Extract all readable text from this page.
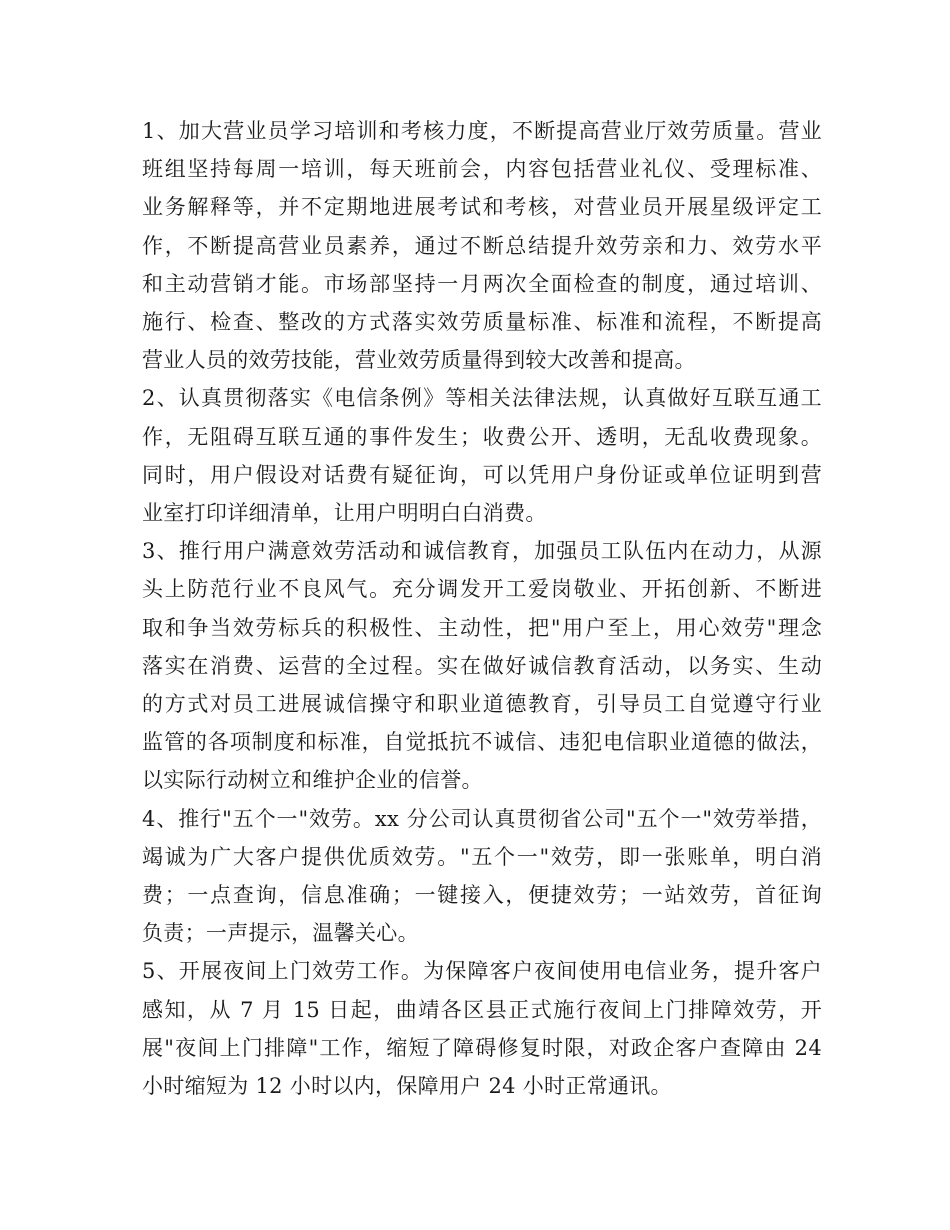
1、加大营业员学习培训和考核力度，不断提高营业厅效劳质量。营业
班组坚持每周一培训，每天班前会，内容包括营业礼仪、受理标准、
业务解释等，并不定期地进展考试和考核，对营业员开展星级评定工
作，不断提高营业员素养，通过不断总结提升效劳亲和力、效劳水平
和主动营销才能。市场部坚持一月两次全面检查的制度，通过培训、
施行、检查、整改的方式落实效劳质量标准、标准和流程，不断提高
营业人员的效劳技能，营业效劳质量得到较大改善和提高。
2、认真贯彻落实《电信条例》等相关法律法规，认真做好互联互通工
作，无阻碍互联互通的事件发生；收费公开、透明，无乱收费现象。
同时，用户假设对话费有疑征询，可以凭用户身份证或单位证明到营
业室打印详细清单，让用户明明白白消费。
3、推行用户满意效劳活动和诚信教育，加强员工队伍内在动力，从源
头上防范行业不良风气。充分调发开工爱岗敬业、开拓创新、不断进
取和争当效劳标兵的积极性、主动性，把"用户至上，用心效劳"理念
落实在消费、运营的全过程。实在做好诚信教育活动，以务实、生动
的方式对员工进展诚信操守和职业道德教育，引导员工自觉遵守行业
监管的各项制度和标准，自觉抵抗不诚信、违犯电信职业道德的做法，
以实际行动树立和维护企业的信誉。
4、推行"五个一"效劳。xx 分公司认真贯彻省公司"五个一"效劳举措，
竭诚为广大客户提供优质效劳。"五个一"效劳，即一张账单，明白消
费；一点查询，信息准确；一键接入，便捷效劳；一站效劳，首征询
负责；一声提示，温馨关心。
5、开展夜间上门效劳工作。为保障客户夜间使用电信业务，提升客户
感知，从 7 月 15 日起，曲靖各区县正式施行夜间上门排障效劳，开
展"夜间上门排障"工作，缩短了障碍修复时限，对政企客户查障由 24
小时缩短为 12 小时以内，保障用户 24 小时正常通讯。
